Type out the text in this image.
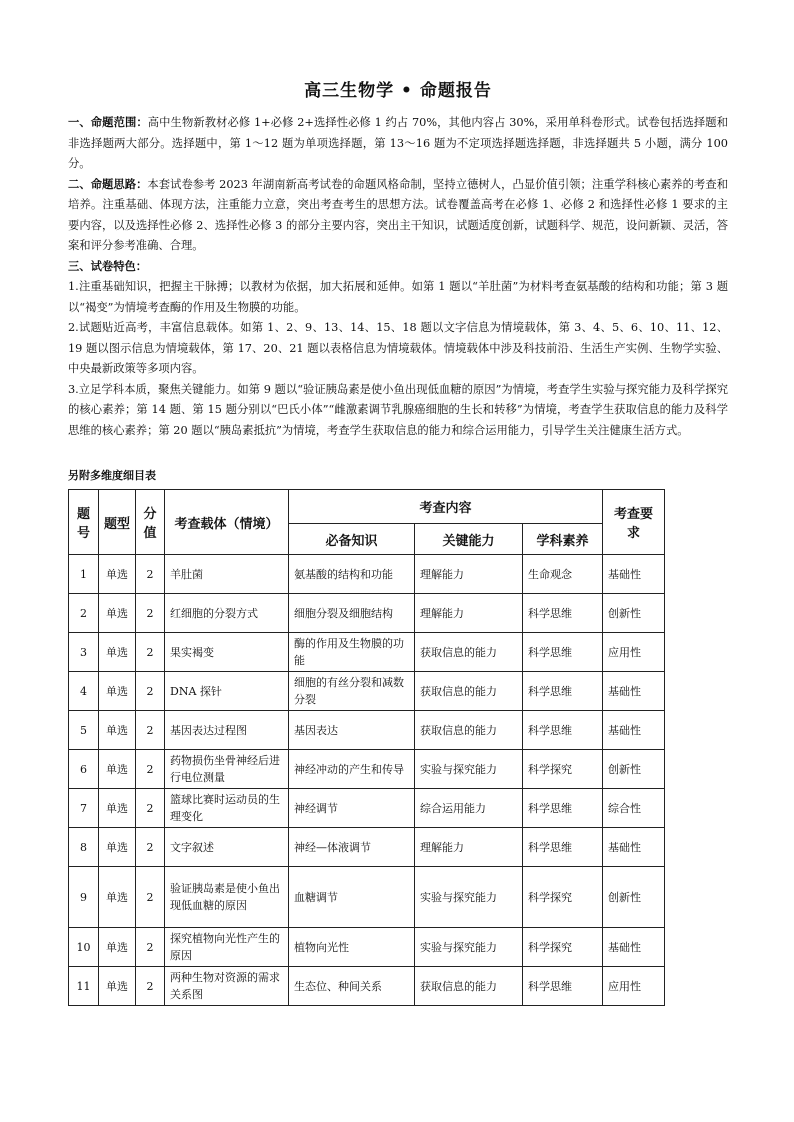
高三生物学 • 命题报告

一、命题范围：高中生物新教材必修 1+必修 2+选择性必修 1 约占 70%，其他内容占 30%，采用单科卷形式。试卷包括选择题和非选择题两大部分。选择题中，第 1～12 题为单项选择题，第 13～16 题为不定项选择题选择题，非选择题共 5 小题，满分 100 分。

二、命题思路：本套试卷参考 2023 年湖南新高考试卷的命题风格命制，坚持立德树人，凸显价值引领；注重学科核心素养的考查和培养。注重基础、体现方法，注重能力立意，突出考查考生的思想方法。试卷覆盖高考在必修 1、必修 2 和选择性必修 1 要求的主要内容，以及选择性必修 2、选择性必修 3 的部分主要内容，突出主干知识，试题适度创新，试题科学、规范，设问新颖、灵活，答案和评分参考准确、合理。

三、试卷特色：

1.注重基础知识，把握主干脉搏；以教材为依据，加大拓展和延伸。如第 1 题以“羊肚菌”为材料考查氨基酸的结构和功能；第 3 题以“褐变”为情境考查酶的作用及生物膜的功能。

2.试题贴近高考，丰富信息载体。如第 1、2、9、13、14、15、18 题以文字信息为情境载体，第 3、4、5、6、10、11、12、19 题以图示信息为情境载体，第 17、20、21 题以表格信息为情境载体。情境载体中涉及科技前沿、生活生产实例、生物学实验、中央最新政策等多项内容。

3.立足学科本质，聚焦关键能力。如第 9 题以“验证胰岛素是使小鱼出现低血糖的原因”为情境，考查学生实验与探究能力及科学探究的核心素养；第 14 题、第 15 题分别以“巴氏小体”“雌激素调节乳腺癌细胞的生长和转移”为情境，考查学生获取信息的能力及科学思维的核心素养；第 20 题以“胰岛素抵抗”为情境，考查学生获取信息的能力和综合运用能力，引导学生关注健康生活方式。

另附多维度细目表
题号	题型	分值	考查载体（情境）	考查内容			考查要求
				必备知识	关键能力	学科素养	
1	单选	2	羊肚菌	氨基酸的结构和功能	理解能力	生命观念	基础性
2	单选	2	红细胞的分裂方式	细胞分裂及细胞结构	理解能力	科学思维	创新性
3	单选	2	果实褐变	酶的作用及生物膜的功能	获取信息的能力	科学思维	应用性
4	单选	2	DNA 探针	细胞的有丝分裂和减数分裂	获取信息的能力	科学思维	基础性
5	单选	2	基因表达过程图	基因表达	获取信息的能力	科学思维	基础性
6	单选	2	药物损伤坐骨神经后进行电位测量	神经冲动的产生和传导	实验与探究能力	科学探究	创新性
7	单选	2	篮球比赛时运动员的生理变化	神经调节	综合运用能力	科学思维	综合性
8	单选	2	文字叙述	神经—体液调节	理解能力	科学思维	基础性
9	单选	2	验证胰岛素是使小鱼出现低血糖的原因	血糖调节	实验与探究能力	科学探究	创新性
10	单选	2	探究植物向光性产生的原因	植物向光性	实验与探究能力	科学探究	基础性
11	单选	2	两种生物对资源的需求关系图	生态位、种间关系	获取信息的能力	科学思维	应用性
